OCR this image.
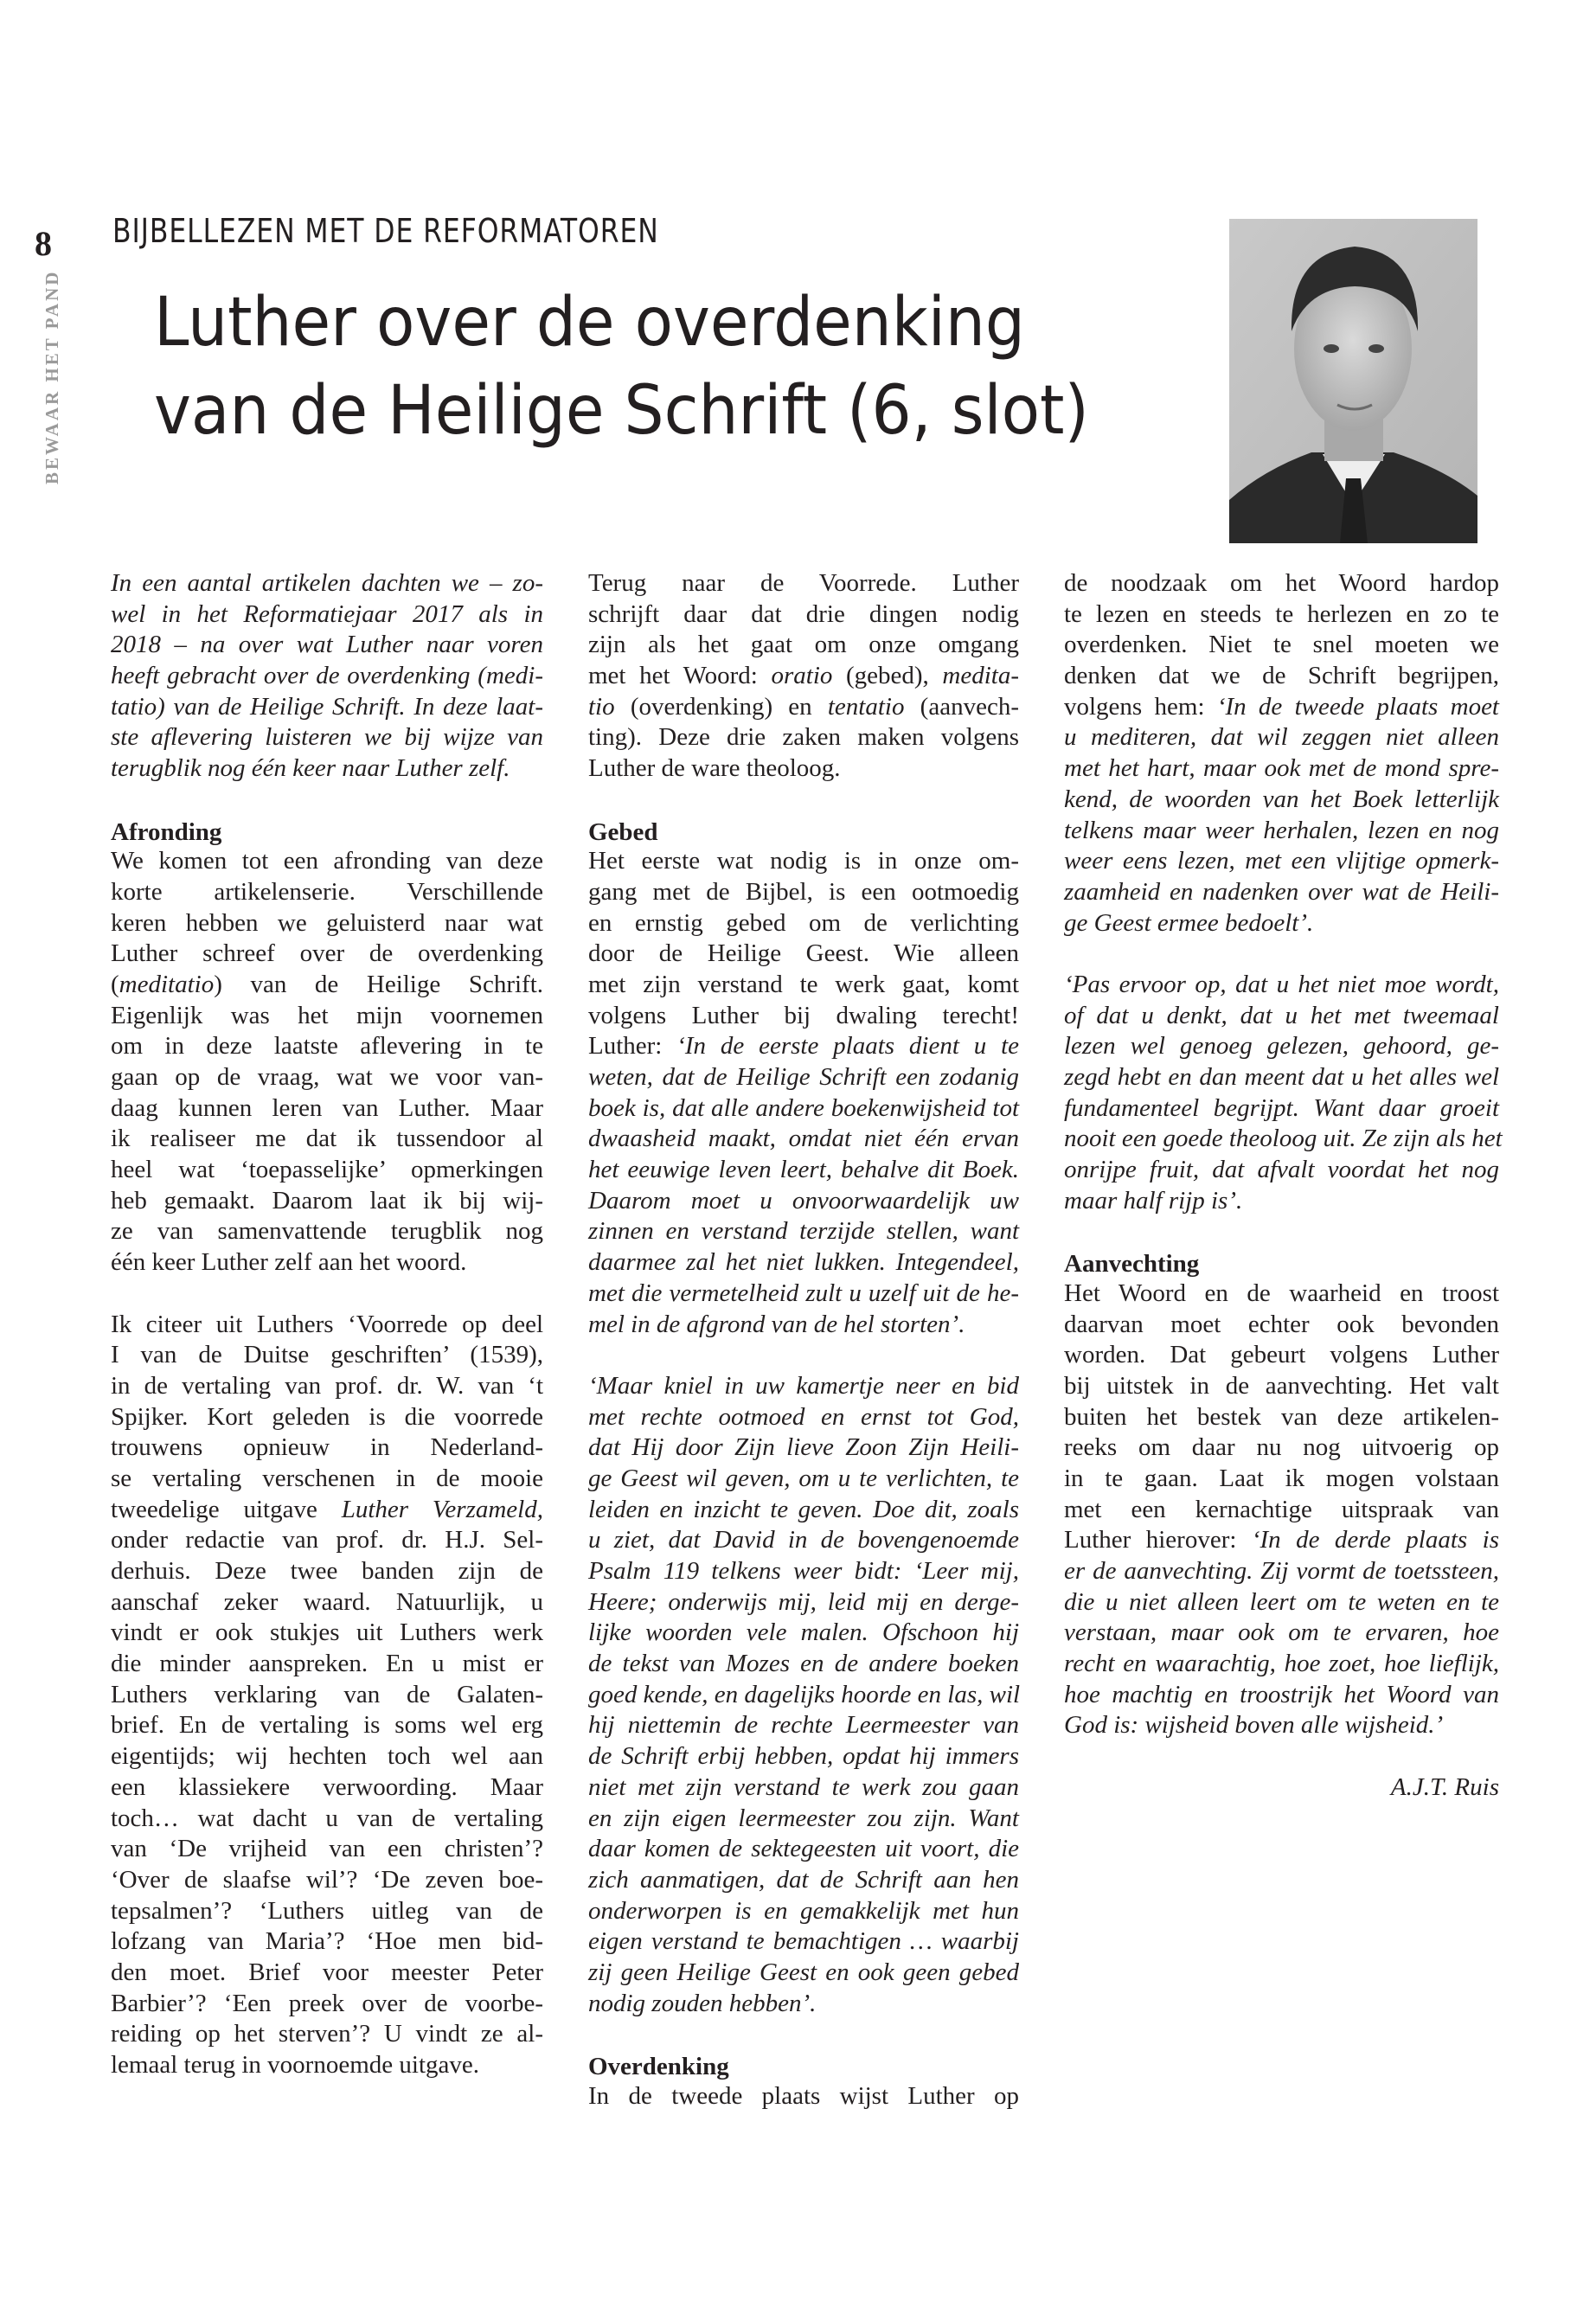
8
BEWAAR HET PAND
BIJBELLEZEN MET DE REFORMATOREN
Luther over de overdenking
van de Heilige Schrift (6, slot)
In een aantal artikelen dachten we – zo-
wel in het Reformatiejaar 2017 als in
2018 – na over wat Luther naar voren
heeft gebracht over de overdenking (medi-
tatio) van de Heilige Schrift. In deze laat-
ste aflevering luisteren we bij wijze van
terugblik nog één keer naar Luther zelf.
Afronding
We komen tot een afronding van deze
korte artikelenserie. Verschillende
keren hebben we geluisterd naar wat
Luther schreef over de overdenking
(meditatio) van de Heilige Schrift.
Eigenlijk was het mijn voornemen
om in deze laatste aflevering in te
gaan op de vraag, wat we voor van-
daag kunnen leren van Luther. Maar
ik realiseer me dat ik tussendoor al
heel wat ‘toepasselijke’ opmerkingen
heb gemaakt. Daarom laat ik bij wij-
ze van samenvattende terugblik nog
één keer Luther zelf aan het woord.
Ik citeer uit Luthers ‘Voorrede op deel
I van de Duitse geschriften’ (1539),
in de vertaling van prof. dr. W. van ‘t
Spijker. Kort geleden is die voorrede
trouwens opnieuw in Nederland-
se vertaling verschenen in de mooie
tweedelige uitgave Luther Verzameld,
onder redactie van prof. dr. H.J. Sel-
derhuis. Deze twee banden zijn de
aanschaf zeker waard. Natuurlijk, u
vindt er ook stukjes uit Luthers werk
die minder aanspreken. En u mist er
Luthers verklaring van de Galaten-
brief. En de vertaling is soms wel erg
eigentijds; wij hechten toch wel aan
een klassiekere verwoording. Maar
toch… wat dacht u van de vertaling
van ‘De vrijheid van een christen’?
‘Over de slaafse wil’? ‘De zeven boe-
tepsalmen’? ‘Luthers uitleg van de
lofzang van Maria’? ‘Hoe men bid-
den moet. Brief voor meester Peter
Barbier’? ‘Een preek over de voorbe-
reiding op het sterven’? U vindt ze al-
lemaal terug in voornoemde uitgave.
Terug naar de Voorrede. Luther
schrijft daar dat drie dingen nodig
zijn als het gaat om onze omgang
met het Woord: oratio (gebed), medita-
tio (overdenking) en tentatio (aanvech-
ting). Deze drie zaken maken volgens
Luther de ware theoloog.
Gebed
Het eerste wat nodig is in onze om-
gang met de Bijbel, is een ootmoedig
en ernstig gebed om de verlichting
door de Heilige Geest. Wie alleen
met zijn verstand te werk gaat, komt
volgens Luther bij dwaling terecht!
Luther: ‘In de eerste plaats dient u te
weten, dat de Heilige Schrift een zodanig
boek is, dat alle andere boekenwijsheid tot
dwaasheid maakt, omdat niet één ervan
het eeuwige leven leert, behalve dit Boek.
Daarom moet u onvoorwaardelijk uw
zinnen en verstand terzijde stellen, want
daarmee zal het niet lukken. Integendeel,
met die vermetelheid zult u uzelf uit de he-
mel in de afgrond van de hel storten’.
‘Maar kniel in uw kamertje neer en bid
met rechte ootmoed en ernst tot God,
dat Hij door Zijn lieve Zoon Zijn Heili-
ge Geest wil geven, om u te verlichten, te
leiden en inzicht te geven. Doe dit, zoals
u ziet, dat David in de bovengenoemde
Psalm 119 telkens weer bidt: ‘Leer mij,
Heere; onderwijs mij, leid mij en derge-
lijke woorden vele malen. Ofschoon hij
de tekst van Mozes en de andere boeken
goed kende, en dagelijks hoorde en las, wil
hij niettemin de rechte Leermeester van
de Schrift erbij hebben, opdat hij immers
niet met zijn verstand te werk zou gaan
en zijn eigen leermeester zou zijn. Want
daar komen de sektegeesten uit voort, die
zich aanmatigen, dat de Schrift aan hen
onderworpen is en gemakkelijk met hun
eigen verstand te bemachtigen … waarbij
zij geen Heilige Geest en ook geen gebed
nodig zouden hebben’.
Overdenking
In de tweede plaats wijst Luther op
de noodzaak om het Woord hardop
te lezen en steeds te herlezen en zo te
overdenken. Niet te snel moeten we
denken dat we de Schrift begrijpen,
volgens hem: ‘In de tweede plaats moet
u mediteren, dat wil zeggen niet alleen
met het hart, maar ook met de mond spre-
kend, de woorden van het Boek letterlijk
telkens maar weer herhalen, lezen en nog
weer eens lezen, met een vlijtige opmerk-
zaamheid en nadenken over wat de Heili-
ge Geest ermee bedoelt’.
‘Pas ervoor op, dat u het niet moe wordt,
of dat u denkt, dat u het met tweemaal
lezen wel genoeg gelezen, gehoord, ge-
zegd hebt en dan meent dat u het alles wel
fundamenteel begrijpt. Want daar groeit
nooit een goede theoloog uit. Ze zijn als het
onrijpe fruit, dat afvalt voordat het nog
maar half rijp is’.
Aanvechting
Het Woord en de waarheid en troost
daarvan moet echter ook bevonden
worden. Dat gebeurt volgens Luther
bij uitstek in de aanvechting. Het valt
buiten het bestek van deze artikelen-
reeks om daar nu nog uitvoerig op
in te gaan. Laat ik mogen volstaan
met een kernachtige uitspraak van
Luther hierover: ‘In de derde plaats is
er de aanvechting. Zij vormt de toetssteen,
die u niet alleen leert om te weten en te
verstaan, maar ook om te ervaren, hoe
recht en waarachtig, hoe zoet, hoe lieflijk,
hoe machtig en troostrijk het Woord van
God is: wijsheid boven alle wijsheid.’
A.J.T. Ruis
